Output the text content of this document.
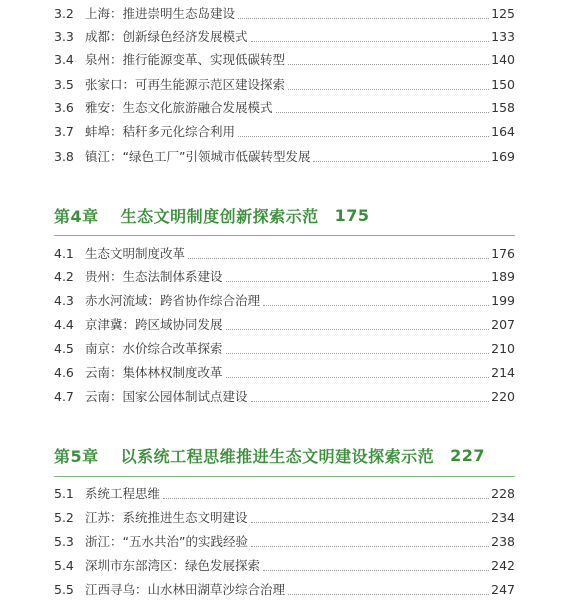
3.2 上海：推进崇明生态岛建设	125
3.3 成都：创新绿色经济发展模式	133
3.4 泉州：推行能源变革、实现低碳转型	140
3.5 张家口：可再生能源示范区建设探索	150
3.6 雅安：生态文化旅游融合发展模式	158
3.7 蚌埠：秸秆多元化综合利用	164
3.8 镇江：“绿色工厂”引领城市低碳转型发展	169
第4章 生态文明制度创新探索示范 175
4.1 生态文明制度改革	176
4.2 贵州：生态法制体系建设	189
4.3 赤水河流域：跨省协作综合治理	199
4.4 京津冀：跨区域协同发展	207
4.5 南京：水价综合改革探索	210
4.6 云南：集体林权制度改革	214
4.7 云南：国家公园体制试点建设	220
第5章 以系统工程思维推进生态文明建设探索示范 227
5.1 系统工程思维	228
5.2 江苏：系统推进生态文明建设	234
5.3 浙江：“五水共治”的实践经验	238
5.4 深圳市东部湾区：绿色发展探索	242
5.5 江西寻乌：山水林田湖草沙综合治理	247
